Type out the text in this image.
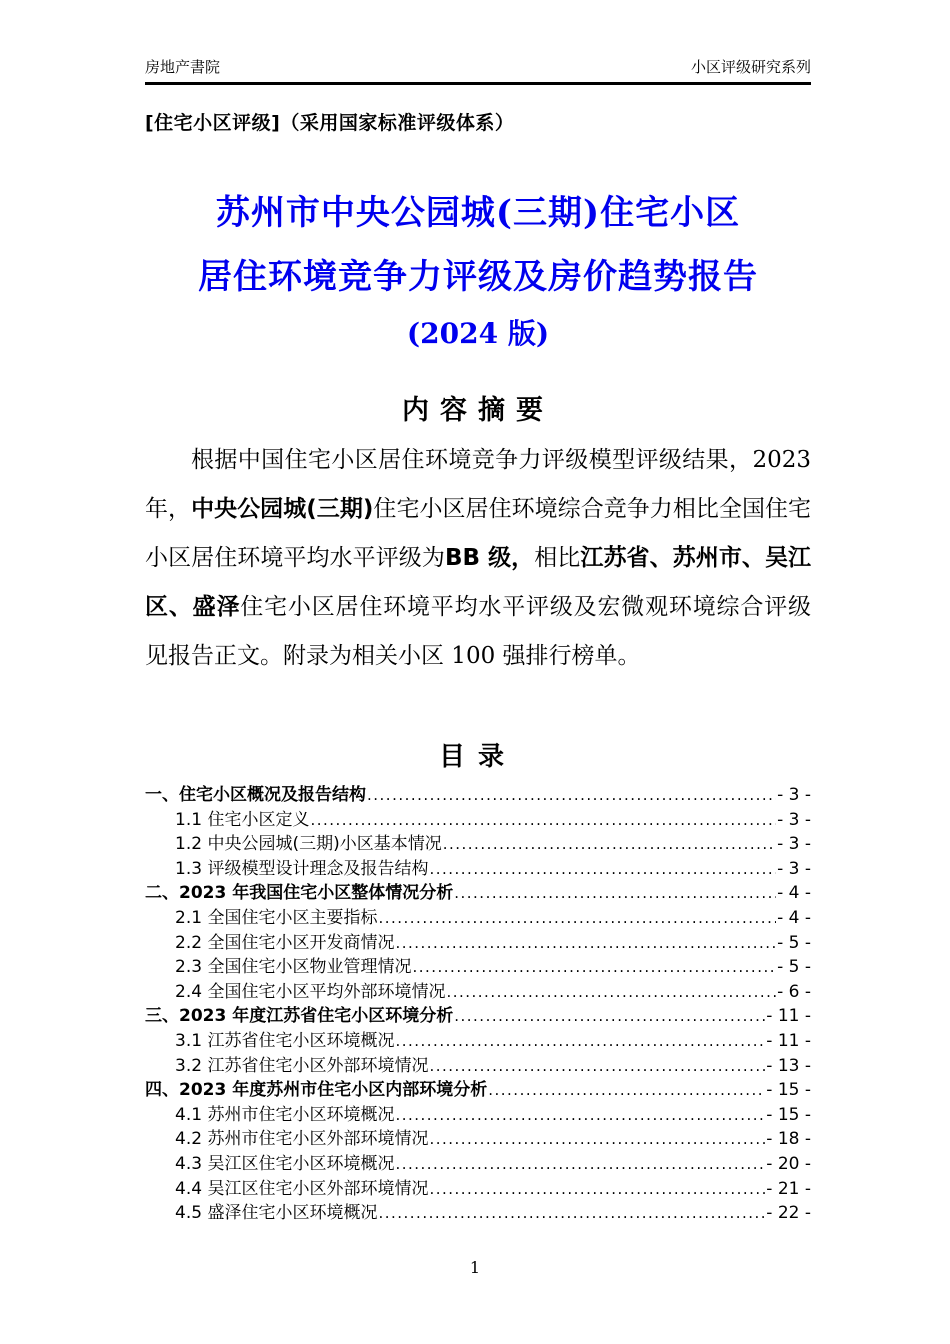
房地产書院	小区评级研究系列
[住宅小区评级]（采用国家标准评级体系）
苏州市中央公园城(三期)住宅小区
居住环境竞争力评级及房价趋势报告
(2024 版)
内容摘要
根据中国住宅小区居住环境竞争力评级模型评级结果，2023 年，中央公园城(三期)住宅小区居住环境综合竞争力相比全国住宅小区居住环境平均水平评级为BB 级，相比江苏省、苏州市、吴江区、盛泽住宅小区居住环境平均水平评级及宏微观环境综合评级见报告正文。附录为相关小区 100 强排行榜单。
目录
一、住宅小区概况及报告结构 .....	- 3 -
1.1 住宅小区定义 .....	- 3 -
1.2 中央公园城(三期)小区基本情况 .....	- 3 -
1.3 评级模型设计理念及报告结构 .....	- 3 -
二、2023 年我国住宅小区整体情况分析 .....	- 4 -
2.1 全国住宅小区主要指标 .....	- 4 -
2.2 全国住宅小区开发商情况 .....	- 5 -
2.3 全国住宅小区物业管理情况 .....	- 5 -
2.4 全国住宅小区平均外部环境情况 .....	- 6 -
三、2023 年度江苏省住宅小区环境分析 .....	- 11 -
3.1 江苏省住宅小区环境概况 .....	- 11 -
3.2 江苏省住宅小区外部环境情况 .....	- 13 -
四、2023 年度苏州市住宅小区内部环境分析 .....	- 15 -
4.1 苏州市住宅小区环境概况 .....	- 15 -
4.2 苏州市住宅小区外部环境情况 .....	- 18 -
4.3 吴江区住宅小区环境概况 .....	- 20 -
4.4 吴江区住宅小区外部环境情况 .....	- 21 -
4.5 盛泽住宅小区环境概况 .....	- 22 -
1
